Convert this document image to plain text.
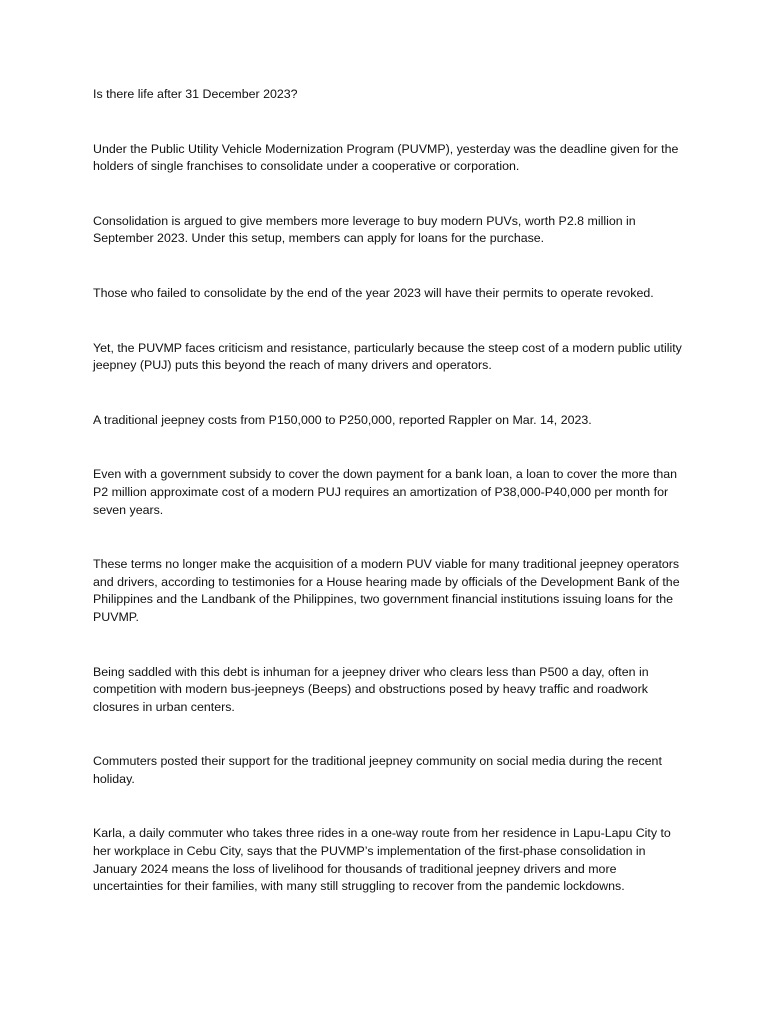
Is there life after 31 December 2023?

Under the Public Utility Vehicle Modernization Program (PUVMP), yesterday was the deadline given for the holders of single franchises to consolidate under a cooperative or corporation.

Consolidation is argued to give members more leverage to buy modern PUVs, worth P2.8 million in September 2023. Under this setup, members can apply for loans for the purchase.

Those who failed to consolidate by the end of the year 2023 will have their permits to operate revoked.

Yet, the PUVMP faces criticism and resistance, particularly because the steep cost of a modern public utility jeepney (PUJ) puts this beyond the reach of many drivers and operators.

A traditional jeepney costs from P150,000 to P250,000, reported Rappler on Mar. 14, 2023.

Even with a government subsidy to cover the down payment for a bank loan, a loan to cover the more than P2 million approximate cost of a modern PUJ requires an amortization of P38,000-P40,000 per month for seven years.

These terms no longer make the acquisition of a modern PUV viable for many traditional jeepney operators and drivers, according to testimonies for a House hearing made by officials of the Development Bank of the Philippines and the Landbank of the Philippines, two government financial institutions issuing loans for the PUVMP.

Being saddled with this debt is inhuman for a jeepney driver who clears less than P500 a day, often in competition with modern bus-jeepneys (Beeps) and obstructions posed by heavy traffic and roadwork closures in urban centers.

Commuters posted their support for the traditional jeepney community on social media during the recent holiday.

Karla, a daily commuter who takes three rides in a one-way route from her residence in Lapu-Lapu City to her workplace in Cebu City, says that the PUVMP’s implementation of the first-phase consolidation in January 2024 means the loss of livelihood for thousands of traditional jeepney drivers and more uncertainties for their families, with many still struggling to recover from the pandemic lockdowns.
